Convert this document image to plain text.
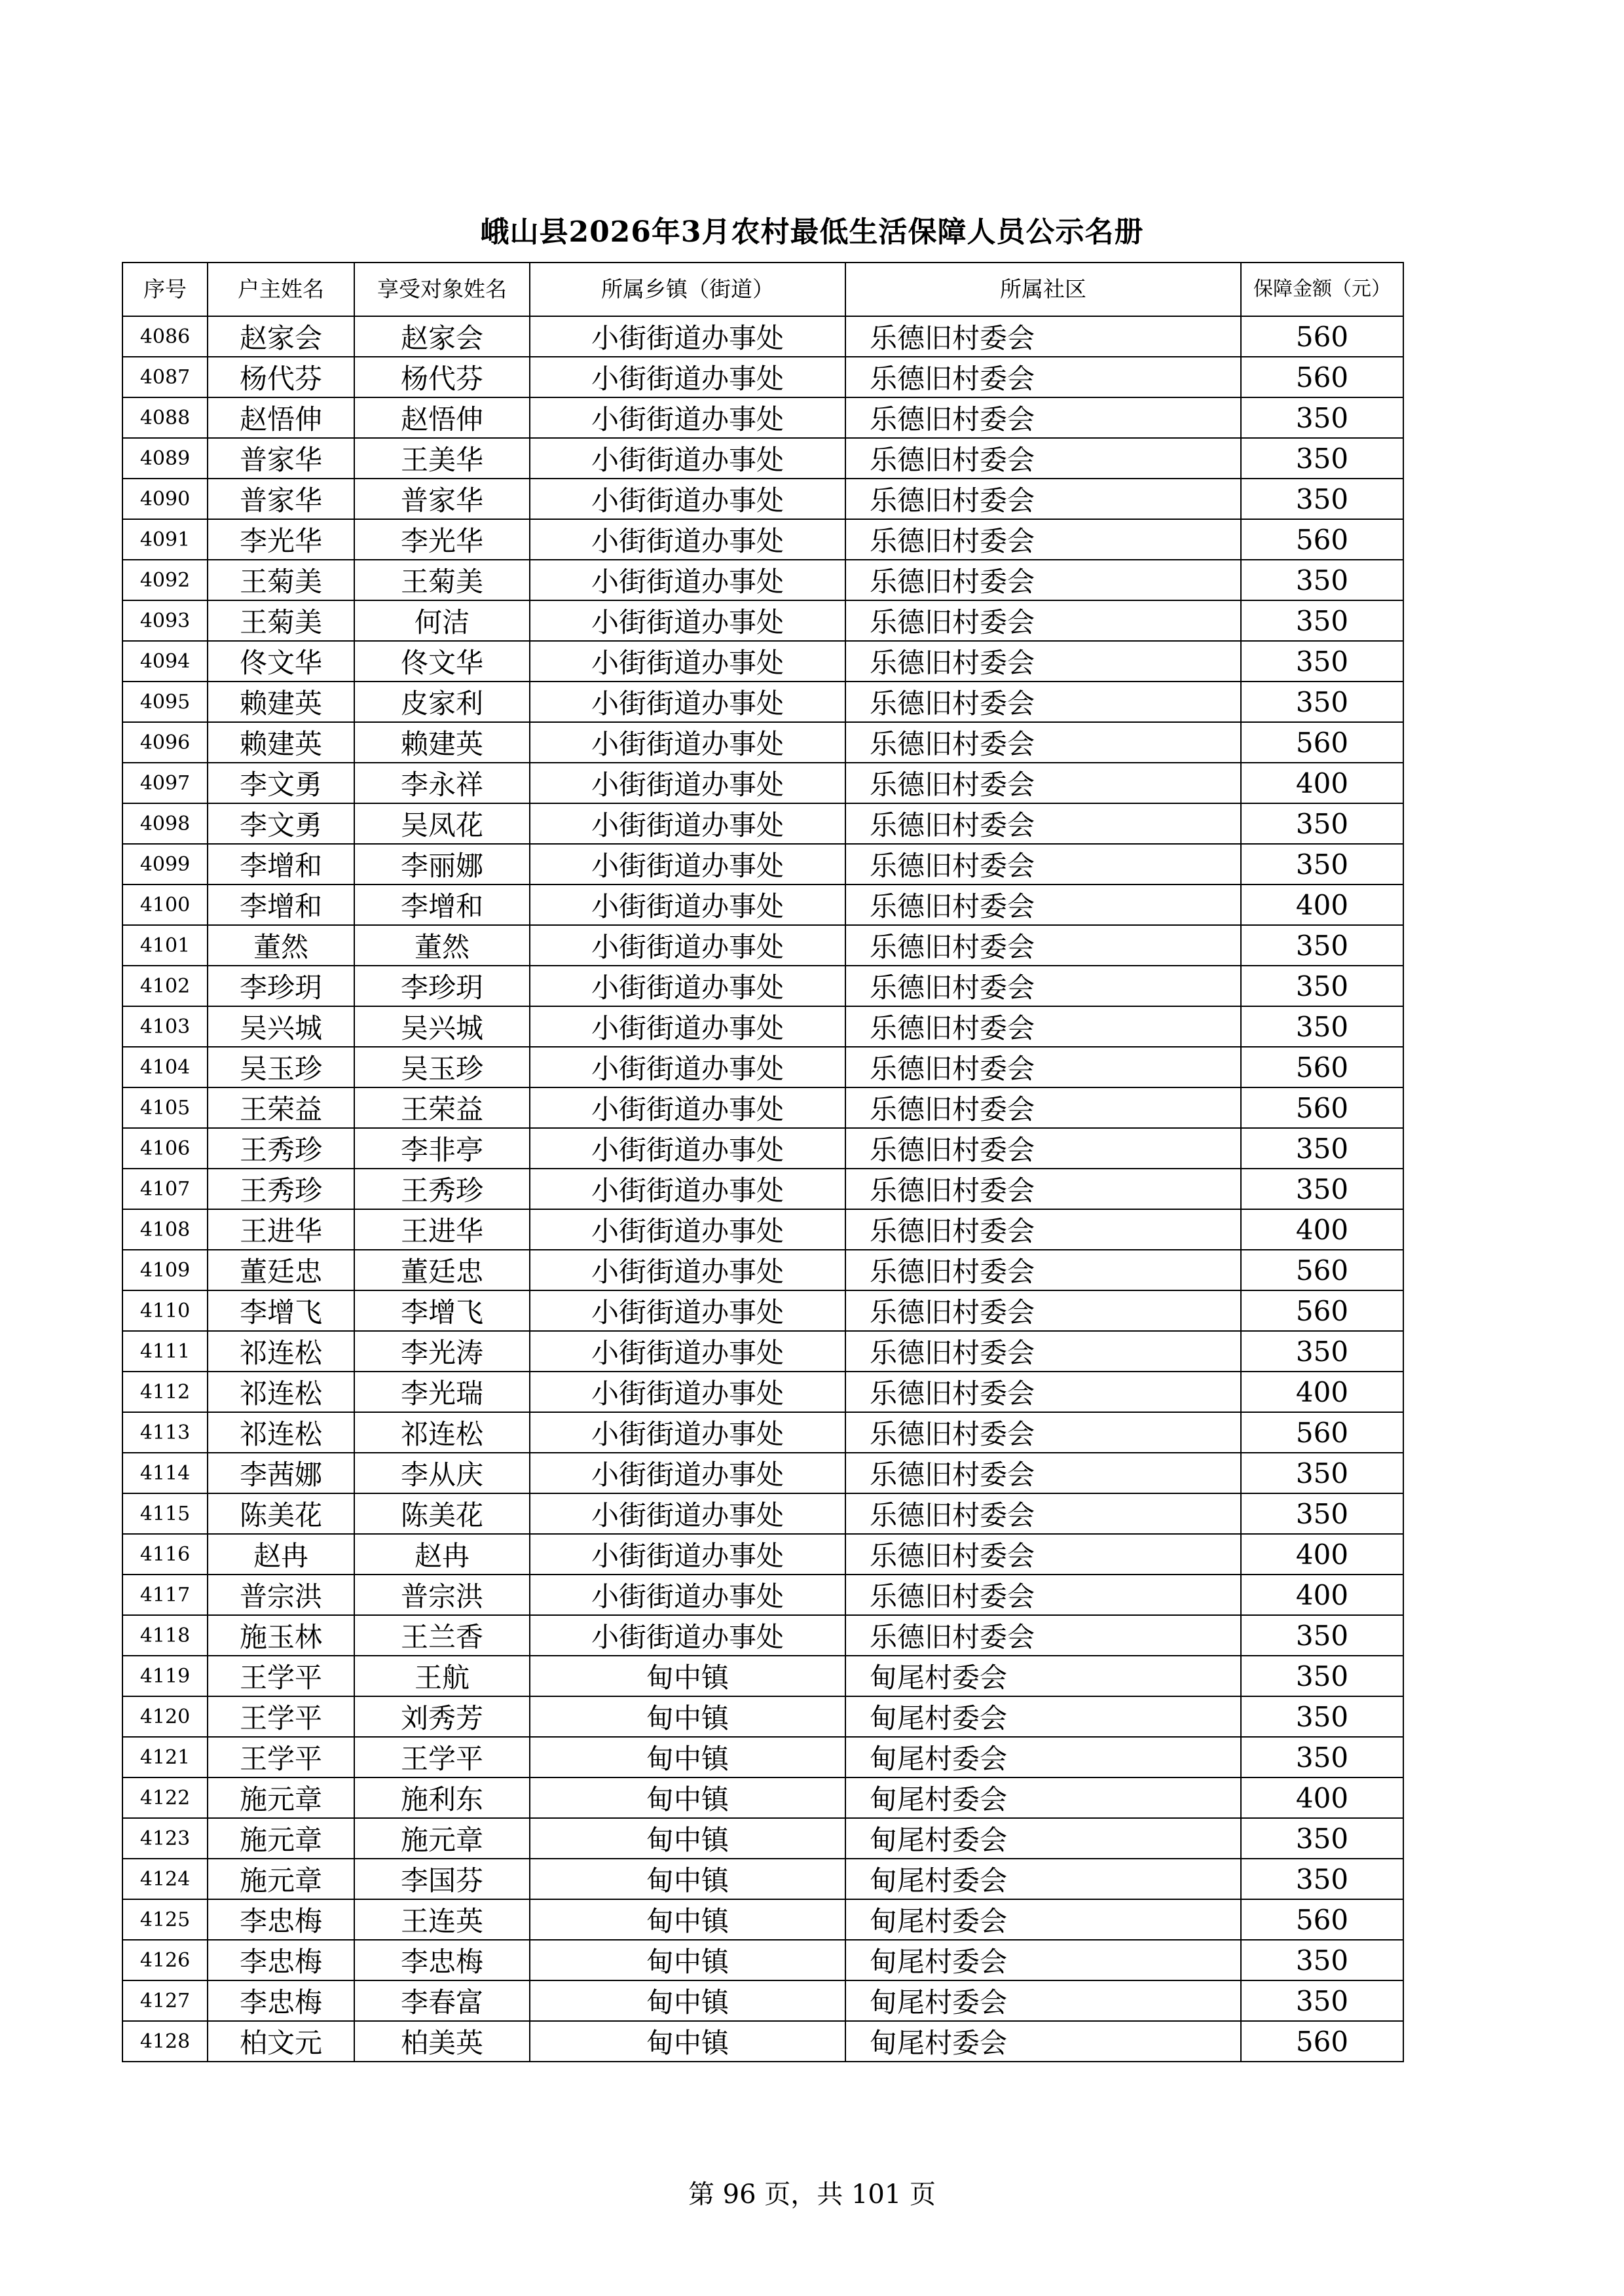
峨山县2026年3月农村最低生活保障人员公示名册
序号	户主姓名	享受对象姓名	所属乡镇（街道）	所属社区	保障金额（元）
4086	赵家会	赵家会	小街街道办事处	乐德旧村委会	560
4087	杨代芬	杨代芬	小街街道办事处	乐德旧村委会	560
4088	赵悟伸	赵悟伸	小街街道办事处	乐德旧村委会	350
4089	普家华	王美华	小街街道办事处	乐德旧村委会	350
4090	普家华	普家华	小街街道办事处	乐德旧村委会	350
4091	李光华	李光华	小街街道办事处	乐德旧村委会	560
4092	王菊美	王菊美	小街街道办事处	乐德旧村委会	350
4093	王菊美	何洁	小街街道办事处	乐德旧村委会	350
4094	佟文华	佟文华	小街街道办事处	乐德旧村委会	350
4095	赖建英	皮家利	小街街道办事处	乐德旧村委会	350
4096	赖建英	赖建英	小街街道办事处	乐德旧村委会	560
4097	李文勇	李永祥	小街街道办事处	乐德旧村委会	400
4098	李文勇	吴凤花	小街街道办事处	乐德旧村委会	350
4099	李增和	李丽娜	小街街道办事处	乐德旧村委会	350
4100	李增和	李增和	小街街道办事处	乐德旧村委会	400
4101	董然	董然	小街街道办事处	乐德旧村委会	350
4102	李珍玥	李珍玥	小街街道办事处	乐德旧村委会	350
4103	吴兴城	吴兴城	小街街道办事处	乐德旧村委会	350
4104	吴玉珍	吴玉珍	小街街道办事处	乐德旧村委会	560
4105	王荣益	王荣益	小街街道办事处	乐德旧村委会	560
4106	王秀珍	李非亭	小街街道办事处	乐德旧村委会	350
4107	王秀珍	王秀珍	小街街道办事处	乐德旧村委会	350
4108	王进华	王进华	小街街道办事处	乐德旧村委会	400
4109	董廷忠	董廷忠	小街街道办事处	乐德旧村委会	560
4110	李增飞	李增飞	小街街道办事处	乐德旧村委会	560
4111	祁连松	李光涛	小街街道办事处	乐德旧村委会	350
4112	祁连松	李光瑞	小街街道办事处	乐德旧村委会	400
4113	祁连松	祁连松	小街街道办事处	乐德旧村委会	560
4114	李茜娜	李从庆	小街街道办事处	乐德旧村委会	350
4115	陈美花	陈美花	小街街道办事处	乐德旧村委会	350
4116	赵冉	赵冉	小街街道办事处	乐德旧村委会	400
4117	普宗洪	普宗洪	小街街道办事处	乐德旧村委会	400
4118	施玉林	王兰香	小街街道办事处	乐德旧村委会	350
4119	王学平	王航	甸中镇	甸尾村委会	350
4120	王学平	刘秀芳	甸中镇	甸尾村委会	350
4121	王学平	王学平	甸中镇	甸尾村委会	350
4122	施元章	施利东	甸中镇	甸尾村委会	400
4123	施元章	施元章	甸中镇	甸尾村委会	350
4124	施元章	李国芬	甸中镇	甸尾村委会	350
4125	李忠梅	王连英	甸中镇	甸尾村委会	560
4126	李忠梅	李忠梅	甸中镇	甸尾村委会	350
4127	李忠梅	李春富	甸中镇	甸尾村委会	350
4128	柏文元	柏美英	甸中镇	甸尾村委会	560
第 96 页，共 101 页
